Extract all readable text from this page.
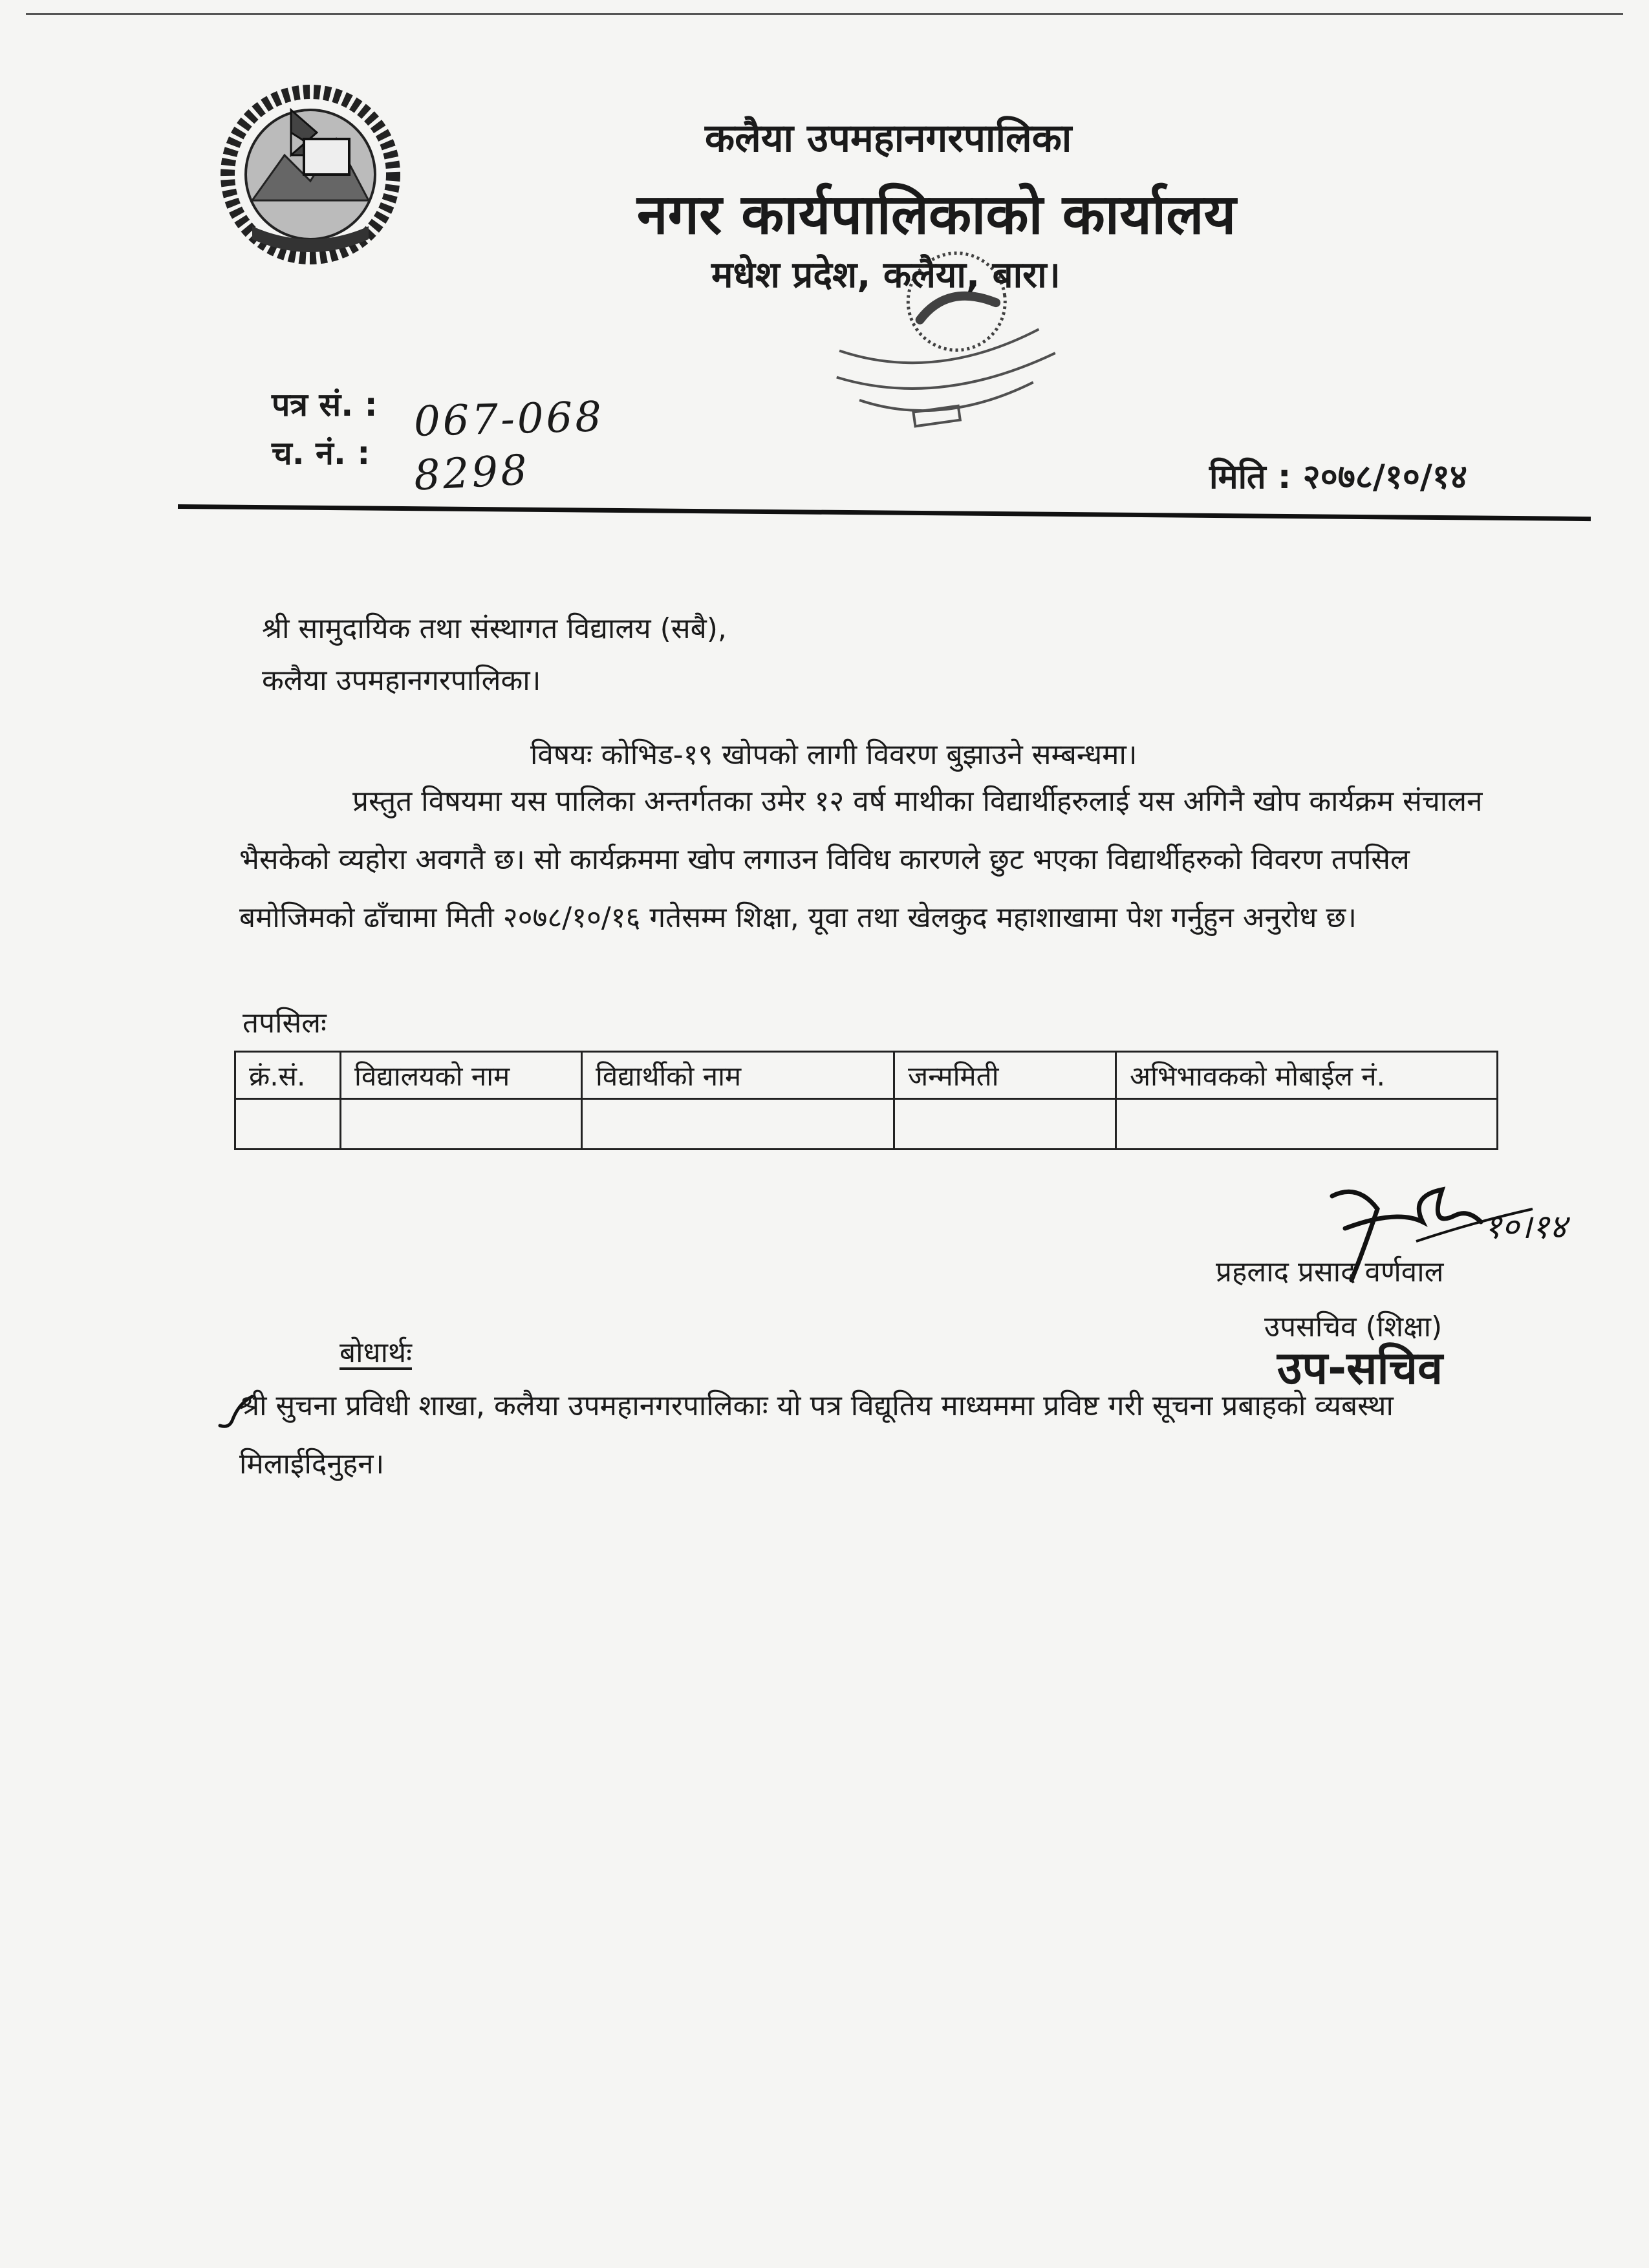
कलैया उपमहानगरपालिका
नगर कार्यपालिकाको कार्यालय
मधेश प्रदेश, कलैया, बारा।
पत्र सं. : 067-068
च. नं. : 8298	मिति : २०७८/१०/१४
श्री सामुदायिक तथा संस्थागत विद्यालय (सबै),
कलैया उपमहानगरपालिका।
विषयः कोभिड-१९ खोपको लागी विवरण बुझाउने सम्बन्धमा।
प्रस्तुत विषयमा यस पालिका अन्तर्गतका उमेर १२ वर्ष माथीका विद्यार्थीहरुलाई यस अगिनै खोप कार्यक्रम संचालन भैसकेको व्यहोरा अवगतै छ। सो कार्यक्रममा खोप लगाउन विविध कारणले छुट भएका विद्यार्थीहरुको विवरण तपसिल बमोजिमको ढाँचामा मिती २०७८/१०/१६ गतेसम्म शिक्षा, यूवा तथा खेलकुद महाशाखामा पेश गर्नुहुन अनुरोध छ।
तपसिलः
क्रं.सं.	विद्यालयको नाम	विद्यार्थीको नाम	जन्ममिती	अभिभावकको मोबाईल नं.

१०।१४
प्रहलाद प्रसाद वर्णवाल
उपसचिव (शिक्षा)
उप-सचिव
बोधार्थः
श्री सुचना प्रविधी शाखा, कलैया उपमहानगरपालिकाः यो पत्र विद्यूतिय माध्यममा प्रविष्ट गरी सूचना प्रबाहको व्यबस्था मिलाईदिनुहन।
